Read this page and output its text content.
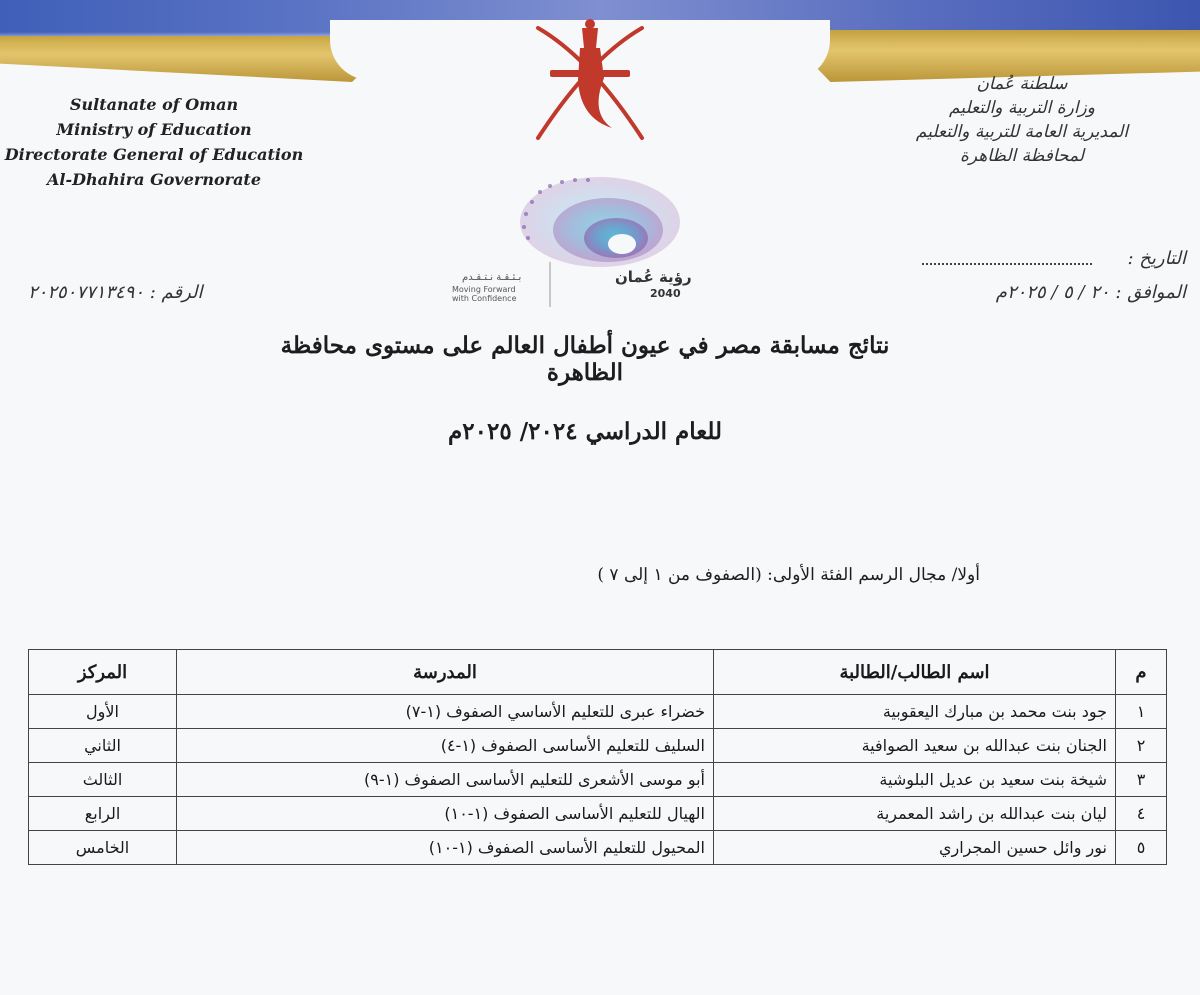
Sultanate of Oman
Ministry of Education
Directorate General of Education
Al-Dhahira Governorate
سلطنة عُمان
وزارة التربية والتعليم
المديرية العامة للتربية والتعليم
لمحافظة الظاهرة
رؤية عُمان
2040
بـثـقـة نـتـقـدم
Moving Forward
with Confidence
التاريخ :
الموافق : ٢٠ / ٥ / ٢٠٢٥م
الرقم : ٢٠٢٥٠٧٧١٣٤٩٠
نتائج مسابقة مصر في عيون أطفال العالم على مستوى محافظة الظاهرة
للعام الدراسي ٢٠٢٤/ ٢٠٢٥م
أولا/ مجال الرسم الفئة الأولى: (الصفوف من ١ إلى ٧ )
م	اسم الطالب/الطالبة	المدرسة	المركز
١	جود بنت محمد بن مبارك اليعقوبية	خضراء عبرى للتعليم الأساسي الصفوف (١-٧)	الأول
٢	الجنان بنت عبدالله بن سعيد الصوافية	السليف للتعليم الأساسى الصفوف (١-٤)	الثاني
٣	شيخة بنت سعيد بن عديل البلوشية	أبو موسى الأشعرى للتعليم الأساسى الصفوف (١-٩)	الثالث
٤	ليان بنت عبدالله بن راشد المعمرية	الهيال للتعليم الأساسى الصفوف (١-١٠)	الرابع
٥	نور وائل حسين المجراري	المحيول للتعليم الأساسى الصفوف (١-١٠)	الخامس
